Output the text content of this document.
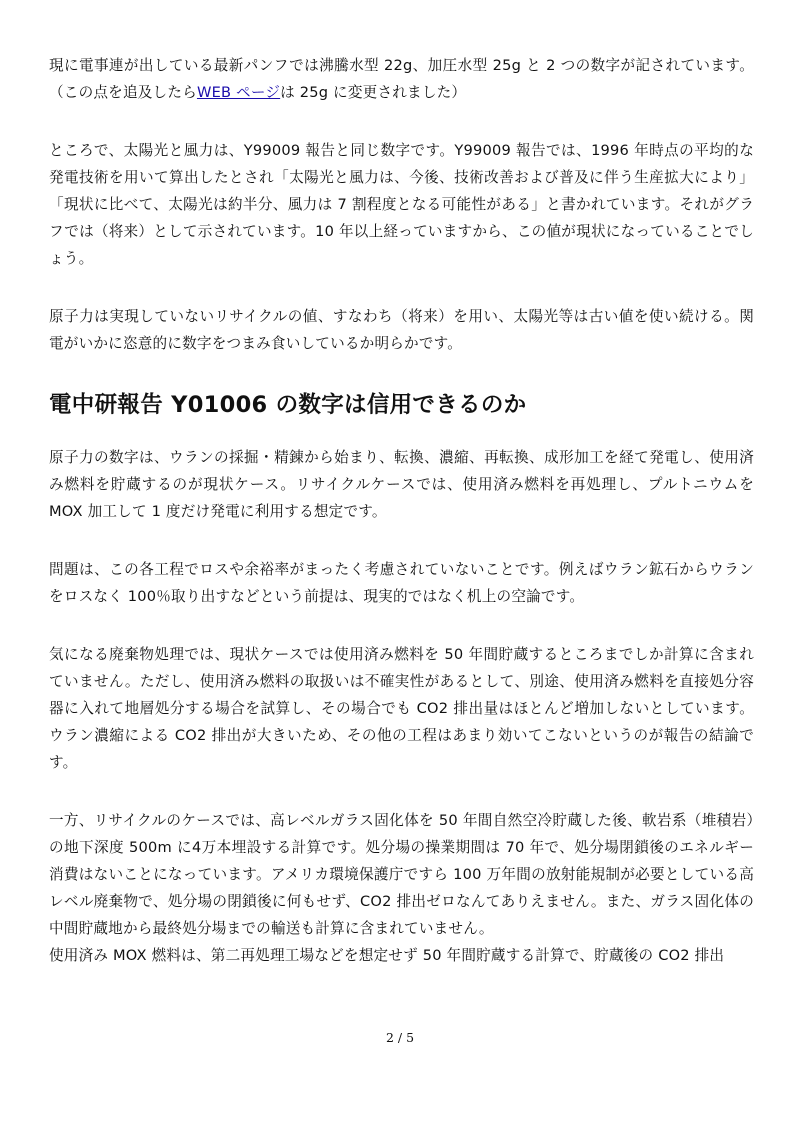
現に電事連が出している最新パンフでは沸騰水型 22g、加圧水型 25g と 2 つの数字が記されています。（この点を追及したらWEB ページは 25g に変更されました）

ところで、太陽光と風力は、Y99009 報告と同じ数字です。Y99009 報告では、1996 年時点の平均的な発電技術を用いて算出したとされ「太陽光と風力は、今後、技術改善および普及に伴う生産拡大により」「現状に比べて、太陽光は約半分、風力は 7 割程度となる可能性がある」と書かれています。それがグラフでは（将来）として示されています。10 年以上経っていますから、この値が現状になっていることでしょう。

原子力は実現していないリサイクルの値、すなわち（将来）を用い、太陽光等は古い値を使い続ける。関電がいかに恣意的に数字をつまみ食いしているか明らかです。

電中研報告 Y01006 の数字は信用できるのか

原子力の数字は、ウランの採掘・精錬から始まり、転換、濃縮、再転換、成形加工を経て発電し、使用済み燃料を貯蔵するのが現状ケース。リサイクルケースでは、使用済み燃料を再処理し、プルトニウムを MOX 加工して 1 度だけ発電に利用する想定です。

問題は、この各工程でロスや余裕率がまったく考慮されていないことです。例えばウラン鉱石からウランをロスなく 100％取り出すなどという前提は、現実的ではなく机上の空論です。

気になる廃棄物処理では、現状ケースでは使用済み燃料を 50 年間貯蔵するところまでしか計算に含まれていません。ただし、使用済み燃料の取扱いは不確実性があるとして、別途、使用済み燃料を直接処分容器に入れて地層処分する場合を試算し、その場合でも CO2 排出量はほとんど増加しないとしています。ウラン濃縮による CO2 排出が大きいため、その他の工程はあまり効いてこないというのが報告の結論です。

一方、リサイクルのケースでは、高レベルガラス固化体を 50 年間自然空冷貯蔵した後、軟岩系（堆積岩）の地下深度 500m に4万本埋設する計算です。処分場の操業期間は 70 年で、処分場閉鎖後のエネルギー消費はないことになっています。アメリカ環境保護庁ですら 100 万年間の放射能規制が必要としている高レベル廃棄物で、処分場の閉鎖後に何もせず、CO2 排出ゼロなんてありえません。また、ガラス固化体の中間貯蔵地から最終処分場までの輸送も計算に含まれていません。

使用済み MOX 燃料は、第二再処理工場などを想定せず 50 年間貯蔵する計算で、貯蔵後の CO2 排出

2 / 5
